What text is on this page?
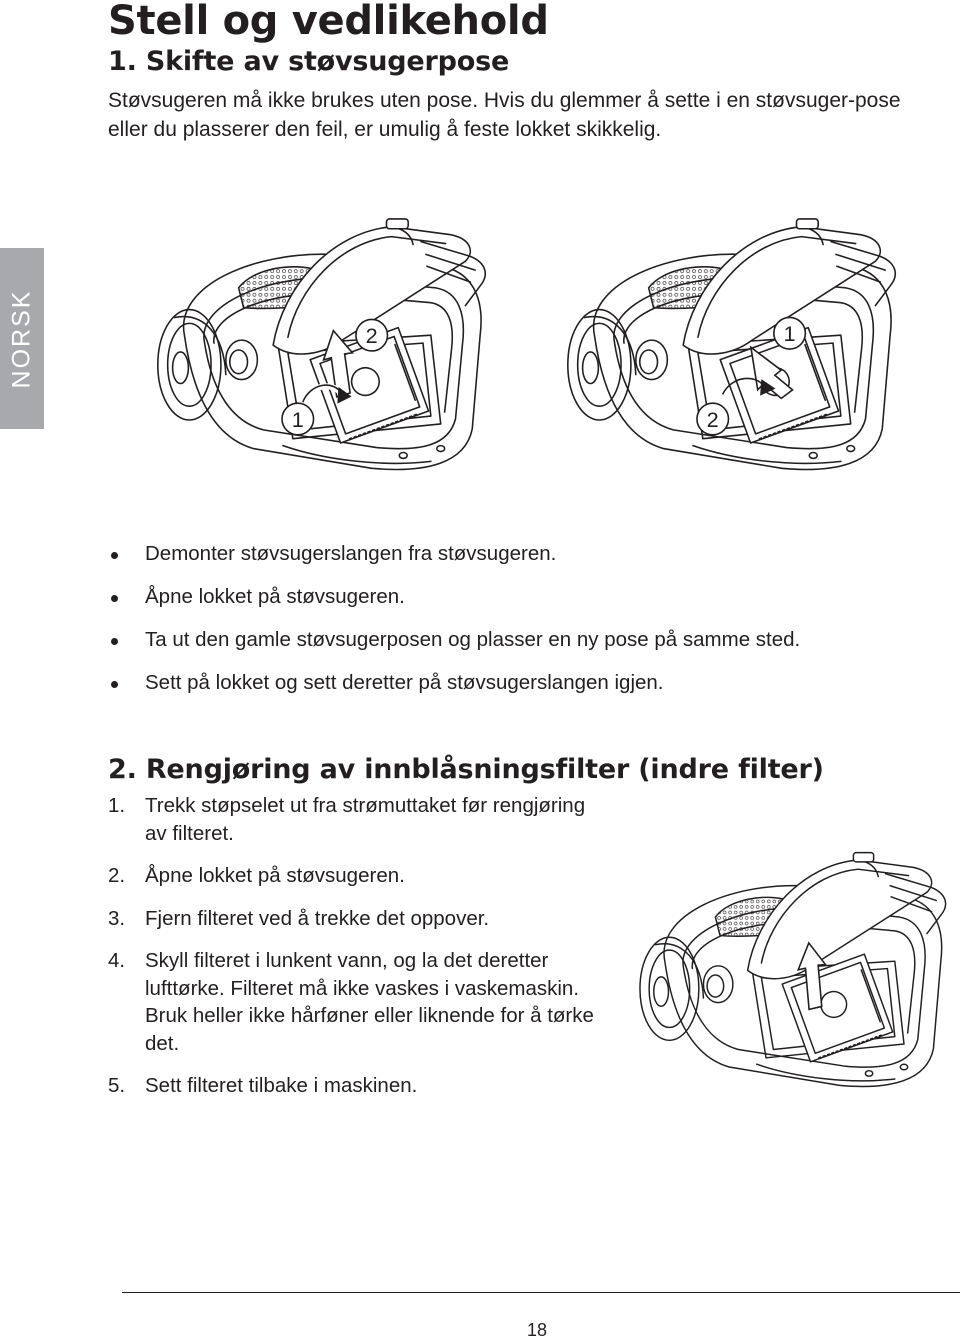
Stell og vedlikehold
1. Skifte av støvsugerpose

Støvsugeren må ikke brukes uten pose. Hvis du glemmer å sette i en støvsuger-pose eller du plasserer den feil, er umulig å feste lokket skikkelig.

NORSK	2
1
1
2
Demonter støvsugerslangen fra støvsugeren.
Åpne lokket på støvsugeren.
Ta ut den gamle støvsugerposen og plasser en ny pose på samme sted.
Sett på lokket og sett deretter på støvsugerslangen igjen.
2. Rengjøring av innblåsningsfilter (indre filter)
1. Trekk støpselet ut fra strømuttaket før rengjøring av filteret.
2. Åpne lokket på støvsugeren.
3. Fjern filteret ved å trekke det oppover.
4. Skyll filteret i lunkent vann, og la det deretter lufttørke. Filteret må ikke vaskes i vaskemaskin. Bruk heller ikke hårføner eller liknende for å tørke det.
5. Sett filteret tilbake i maskinen.
18
